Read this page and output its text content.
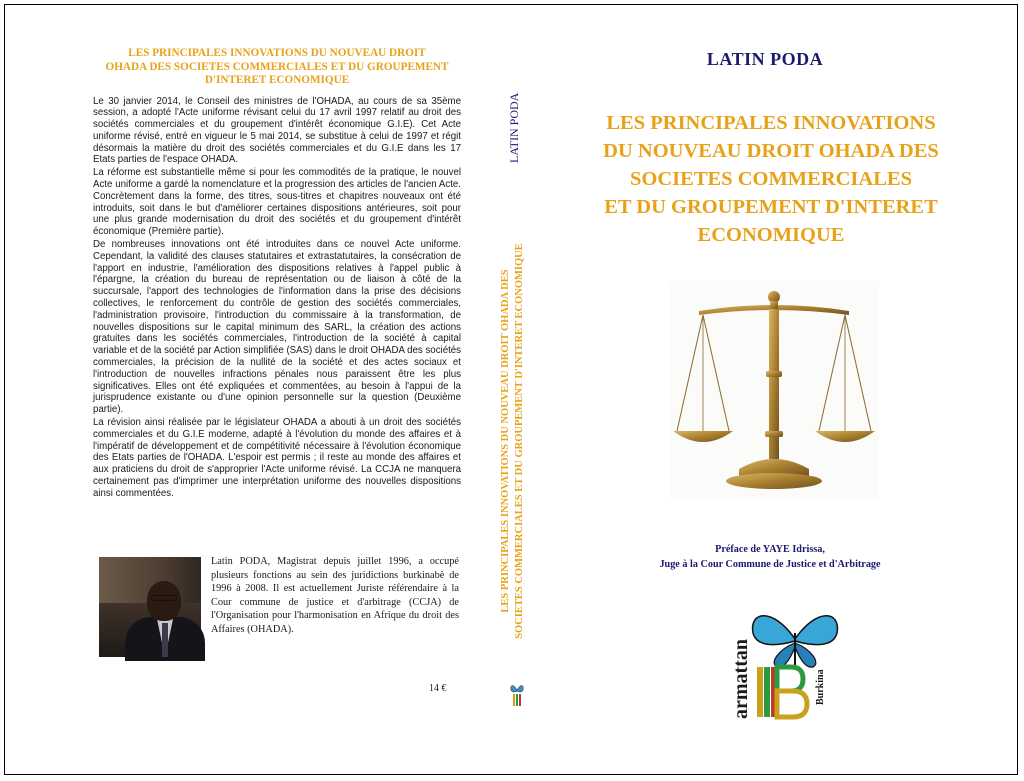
LES PRINCIPALES INNOVATIONS DU NOUVEAU DROIT
OHADA DES SOCIETES COMMERCIALES ET DU GROUPEMENT
D'INTERET ECONOMIQUE

Le 30 janvier 2014, le Conseil des ministres de l'OHADA, au cours de sa 35ème session, a adopté l'Acte uniforme révisant celui du 17 avril 1997 relatif au droit des sociétés commerciales et du groupement d'intérêt économique G.I.E). Cet Acte uniforme révisé, entré en vigueur le 5 mai 2014, se substitue à celui de 1997 et régit désormais la matière du droit des sociétés commerciales et du G.I.E dans les 17 Etats parties de l'espace OHADA.

La réforme est substantielle même si pour les commodités de la pratique, le nouvel Acte uniforme a gardé la nomenclature et la progression des articles de l'ancien Acte. Concrètement dans la forme, des titres, sous-titres et chapitres nouveaux ont été introduits, soit dans le but d'améliorer certaines dispositions antérieures, soit pour une plus grande modernisation du droit des sociétés et du groupement d'intérêt économique (Première partie).

De nombreuses innovations ont été introduites dans ce nouvel Acte uniforme. Cependant, la validité des clauses statutaires et extrastatutaires, la consécration de l'apport en industrie, l'amélioration des dispositions relatives à l'appel public à l'épargne, la création du bureau de représentation ou de liaison à côté de la succursale, l'apport des technologies de l'information dans la prise des décisions collectives, le renforcement du contrôle de gestion des sociétés commerciales, l'administration provisoire, l'introduction du commissaire à la transformation, de nouvelles dispositions sur le capital minimum des SARL, la création des actions gratuites dans les sociétés commerciales, l'introduction de la société à capital variable et de la société par Action simplifiée (SAS) dans le droit OHADA des sociétés commerciales, la précision de la nullité de la société et des actes sociaux et l'introduction de nouvelles infractions pénales nous paraissent être les plus significatives. Elles ont été expliquées et commentées, au besoin à l'appui de la jurisprudence existante ou d'une opinion personnelle sur la question (Deuxième partie).

La révision ainsi réalisée par le législateur OHADA a abouti à un droit des sociétés commerciales et du G.I.E moderne, adapté à l'évolution du monde des affaires et à l'impératif de développement et de compétitivité nécessaire à l'évolution économique des Etats parties de l'OHADA. L'espoir est permis ; il reste au monde des affaires et aux praticiens du droit de s'approprier l'Acte uniforme révisé. La CCJA ne manquera certainement pas d'imprimer une interprétation uniforme des nouvelles dispositions ainsi commentées.

Latin PODA, Magistrat depuis juillet 1996, a occupé plusieurs fonctions au sein des juridictions burkinabè de 1996 à 2008. Il est actuellement Juriste référendaire à la Cour commune de justice et d'arbitrage (CCJA) de l'Organisation pour l'harmonisation en Afrique du droit des Affaires (OHADA).
14 €
LATIN PODA
LES PRINCIPALES INNOVATIONS DU NOUVEAU DROIT OHADA DES SOCIETES COMMERCIALES ET DU GROUPEMENT D'INTERET ECONOMIQUE
LATIN PODA
LES PRINCIPALES INNOVATIONS
DU NOUVEAU DROIT OHADA DES
SOCIETES COMMERCIALES
ET DU GROUPEMENT D'INTERET
ECONOMIQUE
Préface de YAYE Idrissa,
Juge à la Cour Commune de Justice et d'Arbitrage
armattan	Burkina
